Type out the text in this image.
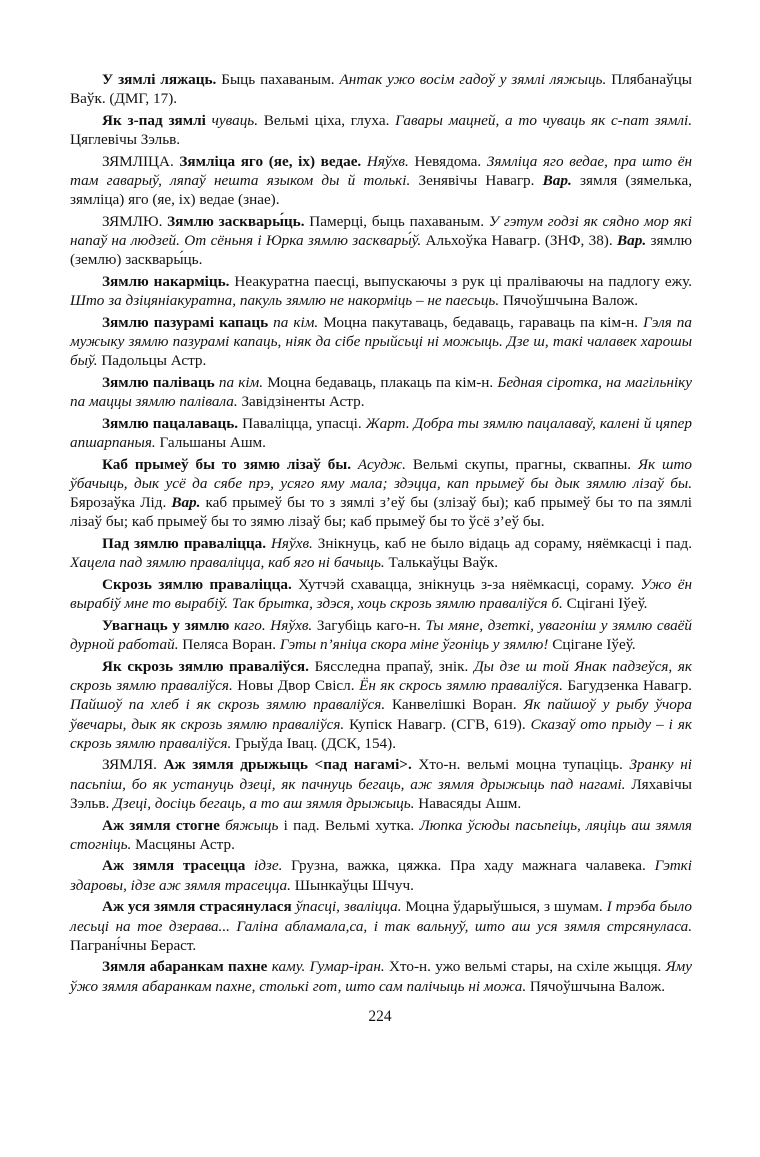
У зямлі ляжаць. Быць пахаваным. Антак ужо восім гадоў у зямлі ляжыць. Плябанаўцы Ваўк. (ДМГ, 17).

Як з-пад зямлі чуваць. Вельмі ціха, глуха. Гавары мацней, а то чуваць як с-пат зямлі. Цяглевічы Зэльв.

ЗЯМЛІЦА. Зямліца яго (яе, іх) ведае. Няўхв. Невядома. Зямліца яго ведае, пра што ён там гаварыў, ляпаў нешта языком ды й толькі. Зенявічы Навагр. Вар. зямля (зямелька, зямліца) яго (яе, іх) ведае (знае).

ЗЯМЛЮ. Зямлю засквары́ць. Памерці, быць пахаваным. У гэтум годзі як сядно мор які напаў на людзей. От сёньня і Юрка зямлю засквары́ў. Альхоўка Навагр. (ЗНФ, 38). Вар. зямлю (землю) засквары́ць.

Зямлю накарміць. Неакуратна паесці, выпускаючы з рук ці праліваючы на падлогу ежу. Што за дзіцяніакуратна, пакуль зямлю не накорміць – не паесьць. Пячоўшчына Валож.

Зямлю пазурамі капаць па кім. Моцна пакутаваць, бедаваць, гараваць па кім-н. Гэля па мужыку зямлю пазурамі капаць, ніяк да сібе прыйсьці ні можыць. Дзе ш, такі чалавек харошы быў. Падольцы Астр.

Зямлю паліваць па кім. Моцна бедаваць, плакаць па кім-н. Бедная сіротка, на магільніку па маццы зямлю палівала. Завідзіненты Астр.

Зямлю пацалаваць. Паваліцца, упасці. Жарт. Добра ты зямлю пацалаваў, калені й цяпер апшарпаныя. Гальшаны Ашм.

Каб прымеў бы то зямю лізаў бы. Асудж. Вельмі скупы, прагны, сквапны. Як што ўбачыць, дык усё да сябе прэ, усяго яму мала; здэцца, кап прымеў бы дык зямлю лізаў бы. Бярозаўка Лід. Вар. каб прымеў бы то з зямлі з’еў бы (злізаў бы); каб прымеў бы то па зямлі лізаў бы; каб прымеў бы то зямю лізаў бы; каб прымеў бы то ўсё з’еў бы.

Пад зямлю праваліцца. Няўхв. Знікнуць, каб не было відаць ад сораму, няёмкасці і пад. Хацела пад зямлю праваліцца, каб яго ні бачыць. Талькаўцы Ваўк.

Скрозь зямлю праваліцца. Хутчэй схавацца, знікнуць з-за няёмкасці, сораму. Ужо ён вырабіў мне то вырабіў. Так брытка, здэся, хоць скрозь зямлю праваліўся б. Сцігані Іўеў.

Увагнаць у зямлю каго. Няўхв. Загубіць каго-н. Ты мяне, дзеткі, увагоніш у зямлю сваёй дурной работай. Пеляса Воран. Гэты п’яніца скора міне ўгоніць у зямлю! Сцігане Іўеў.

Як скрозь зямлю праваліўся. Бясследна прапаў, знік. Ды дзе ш той Янак падзеўся, як скрозь зямлю праваліўся. Новы Двор Свісл. Ён як скрось зямлю праваліўся. Багудзенка Навагр. Пайшоў па хлеб і як скрозь зямлю праваліўся. Канвелішкі Воран. Як пайшоў у рыбу ўчора ўвечары, дык як скрозь зямлю праваліўся. Купіск Навагр. (СГВ, 619). Сказаў ото прыду – і як скрозь зямлю праваліўся. Грыўда Івац. (ДСК, 154).

ЗЯМЛЯ. Аж зямля дрыжыць <пад нагамі>. Хто-н. вельмі моцна тупаціць. Зранку ні пасьпіш, бо як устануць дзеці, як пачнуць бегаць, аж зямля дрыжыць пад нагамі. Ляхавічы Зэльв. Дзеці, досіць бегаць, а то аш зямля дрыжыць. Навасяды Ашм.

Аж зямля стогне бяжыць і пад. Вельмі хутка. Люпка ўсюды пасьпеіць, ляціць аш зямля стогніць. Масцяны Астр.

Аж зямля трасецца ідзе. Грузна, важка, цяжка. Пра хаду мажнага чалавека. Гэткі здаровы, ідзе аж зямля трасецца. Шынкаўцы Шчуч.

Аж уся зямля страсянулася ўпасці, зваліцца. Моцна ўдарыўшыся, з шумам. І трэба было лесьці на тое дзерава... Галіна абламала,са, і так вальнуў, што аш уся зямля стрсянуласа. Паграні́чны Бераст.

Зямля абаранкам пахне каму. Гумар-іран. Хто-н. ужо вельмі стары, на схіле жыцця. Яму ўжо зямля абаранкам пахне, столькі гот, што сам палічыць ні можа. Пячоўшчына Валож.

224
